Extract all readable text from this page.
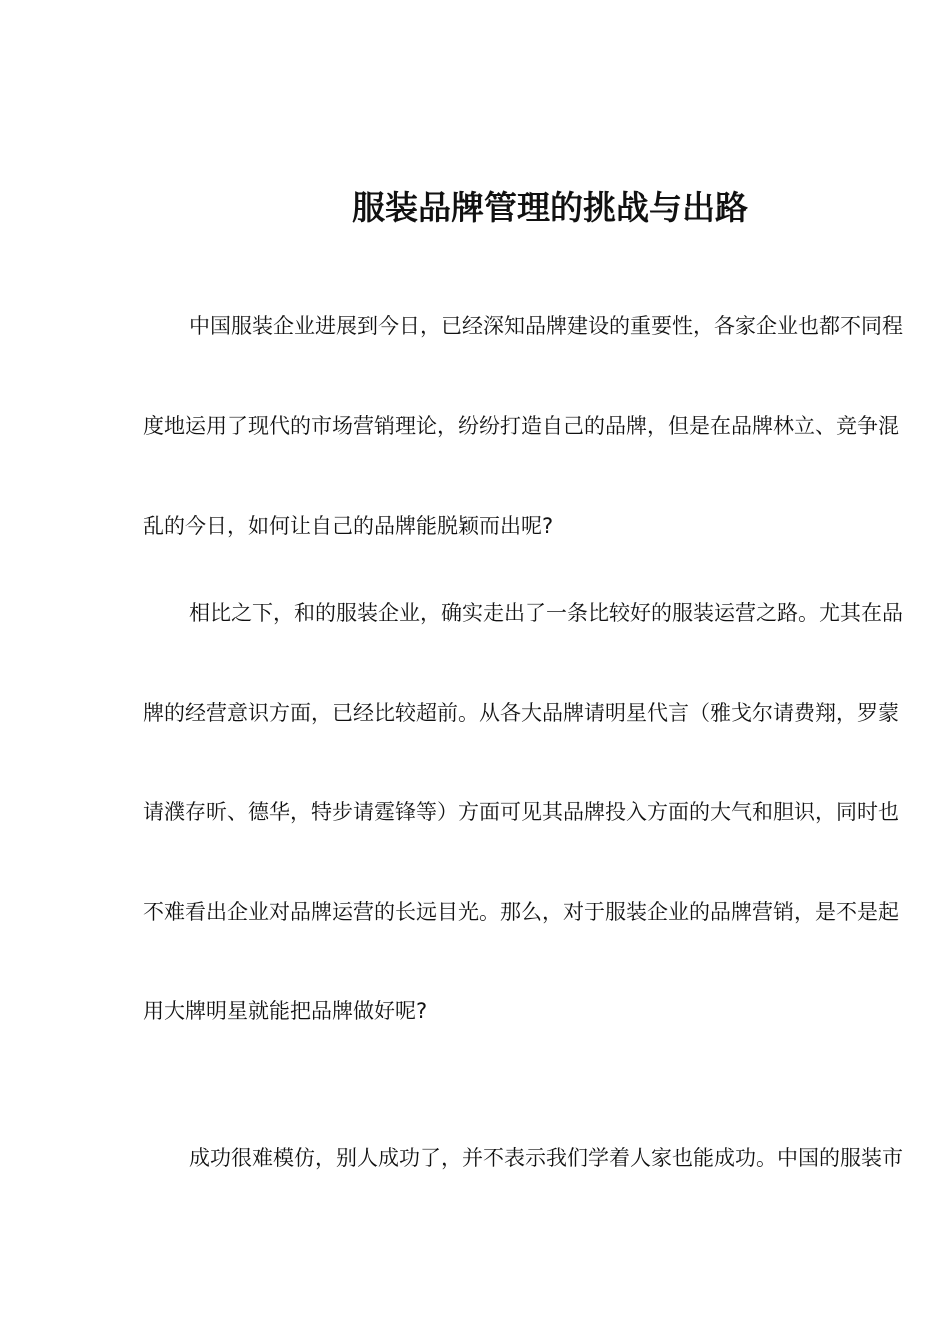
服装品牌管理的挑战与出路
中国服装企业进展到今日，已经深知品牌建设的重要性，各家企业也都不同程
度地运用了现代的市场营销理论，纷纷打造自己的品牌，但是在品牌林立、竞争混
乱的今日，如何让自己的品牌能脱颖而出呢?
相比之下，和的服装企业，确实走出了一条比较好的服装运营之路。尤其在品
牌的经营意识方面，已经比较超前。从各大品牌请明星代言（雅戈尔请费翔，罗蒙
请濮存昕、德华，特步请霆锋等）方面可见其品牌投入方面的大气和胆识，同时也
不难看出企业对品牌运营的长远目光。那么，对于服装企业的品牌营销，是不是起
用大牌明星就能把品牌做好呢?
成功很难模仿，别人成功了，并不表示我们学着人家也能成功。中国的服装市
